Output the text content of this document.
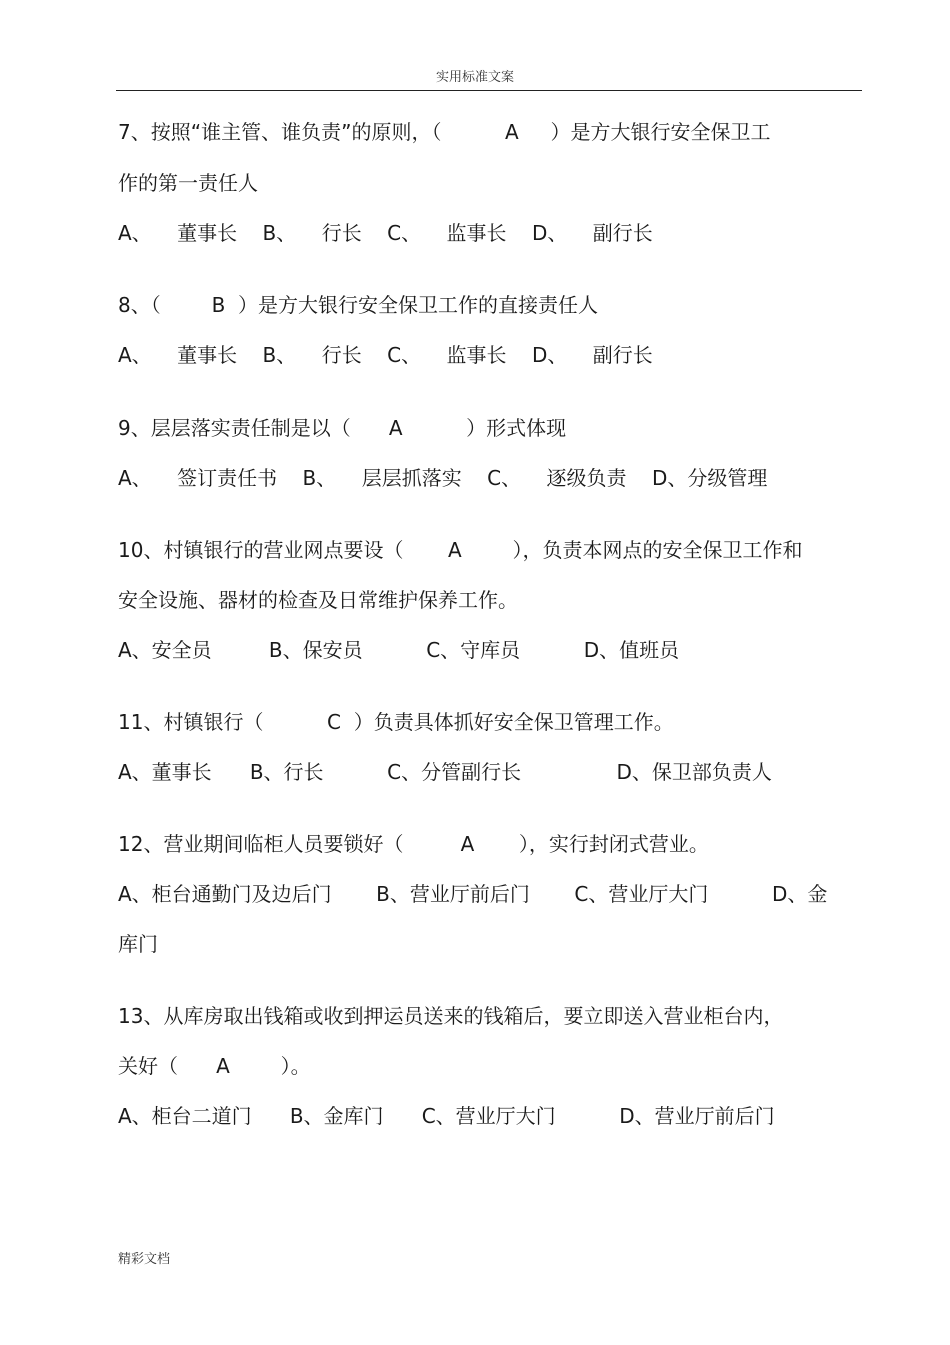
实用标准文案
7、按照“谁主管、谁负责”的原则，（          A     ）是方大银行安全保卫工
作的第一责任人
A、    董事长    B、    行长    C、    监事长    D、    副行长
8、（        B  ）是方大银行安全保卫工作的直接责任人
A、    董事长    B、    行长    C、    监事长    D、    副行长
9、层层落实责任制是以（      A          ）形式体现
A、    签订责任书    B、    层层抓落实    C、    逐级负责    D、分级管理
10、村镇银行的营业网点要设（       A        ），负责本网点的安全保卫工作和
安全设施、器材的检查及日常维护保养工作。
A、安全员         B、保安员          C、守库员          D、值班员
11、村镇银行（          C  ）负责具体抓好安全保卫管理工作。
A、董事长      B、行长          C、分管副行长               D、保卫部负责人
12、营业期间临柜人员要锁好（         A       ），实行封闭式营业。
A、柜台通勤门及边后门       B、营业厅前后门       C、营业厅大门          D、金
库门
13、从库房取出钱箱或收到押运员送来的钱箱后，要立即送入营业柜台内，
关好（      A        ）。
A、柜台二道门      B、金库门      C、营业厅大门          D、营业厅前后门
精彩文档
